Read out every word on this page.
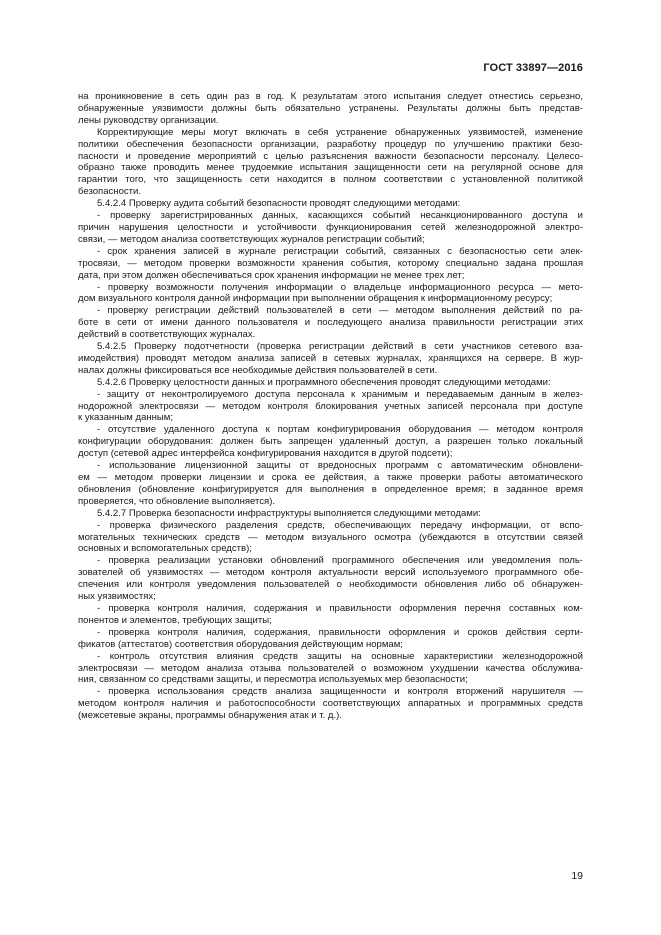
ГОСТ 33897—2016
на проникновение в сеть один раз в год. К результатам этого испытания следует отнестись серьезно,
обнаруженные уязвимости должны быть обязательно устранены. Результаты должны быть представ-
лены руководству организации.
Корректирующие меры могут включать в себя устранение обнаруженных уязвимостей, изменение
политики обеспечения безопасности организации, разработку процедур по улучшению практики безо-
пасности и проведение мероприятий с целью разъяснения важности безопасности персоналу. Целесо-
образно также проводить менее трудоемкие испытания защищенности сети на регулярной основе для
гарантии того, что защищенность сети находится в полном соответствии с установленной политикой
безопасности.
5.4.2.4 Проверку аудита событий безопасности проводят следующими методами:
- проверку зарегистрированных данных, касающихся событий несанкционированного доступа и
причин нарушения целостности и устойчивости функционирования сетей железнодорожной электро-
связи, — методом анализа соответствующих журналов регистрации событий;
- срок хранения записей в журнале регистрации событий, связанных с безопасностью сети элек-
тросвязи, — методом проверки возможности хранения события, которому специально задана прошлая
дата, при этом должен обеспечиваться срок хранения информации не менее трех лет;
- проверку возможности получения информации о владельце информационного ресурса — мето-
дом визуального контроля данной информации при выполнении обращения к информационному ресурсу;
- проверку регистрации действий пользователей в сети — методом выполнения действий по ра-
боте в сети от имени данного пользователя и последующего анализа правильности регистрации этих
действий в соответствующих журналах.
5.4.2.5 Проверку подотчетности (проверка регистрации действий в сети участников сетевого вза-
имодействия) проводят методом анализа записей в сетевых журналах, хранящихся на сервере. В жур-
налах должны фиксироваться все необходимые действия пользователей в сети.
5.4.2.6 Проверку целостности данных и программного обеспечения проводят следующими методами:
- защиту от неконтролируемого доступа персонала к хранимым и передаваемым данным в желез-
нодорожной электросвязи — методом контроля блокирования учетных записей персонала при доступе
к указанным данным;
- отсутствие удаленного доступа к портам конфигурирования оборудования — методом контроля
конфигурации оборудования: должен быть запрещен удаленный доступ, а разрешен только локальный
доступ (сетевой адрес интерфейса конфигурирования находится в другой подсети);
- использование лицензионной защиты от вредоносных программ с автоматическим обновлени-
ем — методом проверки лицензии и срока ее действия, а также проверки работы автоматического
обновления (обновление конфигурируется для выполнения в определенное время; в заданное время
проверяется, что обновление выполняется).
5.4.2.7 Проверка безопасности инфраструктуры выполняется следующими методами:
- проверка физического разделения средств, обеспечивающих передачу информации, от вспо-
могательных технических средств — методом визуального осмотра (убеждаются в отсутствии связей
основных и вспомогательных средств);
- проверка реализации установки обновлений программного обеспечения или уведомления поль-
зователей об уязвимостях — методом контроля актуальности версий используемого программного обе-
спечения или контроля уведомления пользователей о необходимости обновления либо об обнаружен-
ных уязвимостях;
- проверка контроля наличия, содержания и правильности оформления перечня составных ком-
понентов и элементов, требующих защиты;
- проверка контроля наличия, содержания, правильности оформления и сроков действия серти-
фикатов (аттестатов) соответствия оборудования действующим нормам;
- контроль отсутствия влияния средств защиты на основные характеристики железнодорожной
электросвязи — методом анализа отзыва пользователей о возможном ухудшении качества обслужива-
ния, связанном со средствами защиты, и пересмотра используемых мер безопасности;
- проверка использования средств анализа защищенности и контроля вторжений нарушителя —
методом контроля наличия и работоспособности соответствующих аппаратных и программных средств
(межсетевые экраны, программы обнаружения атак и т. д.).
19
